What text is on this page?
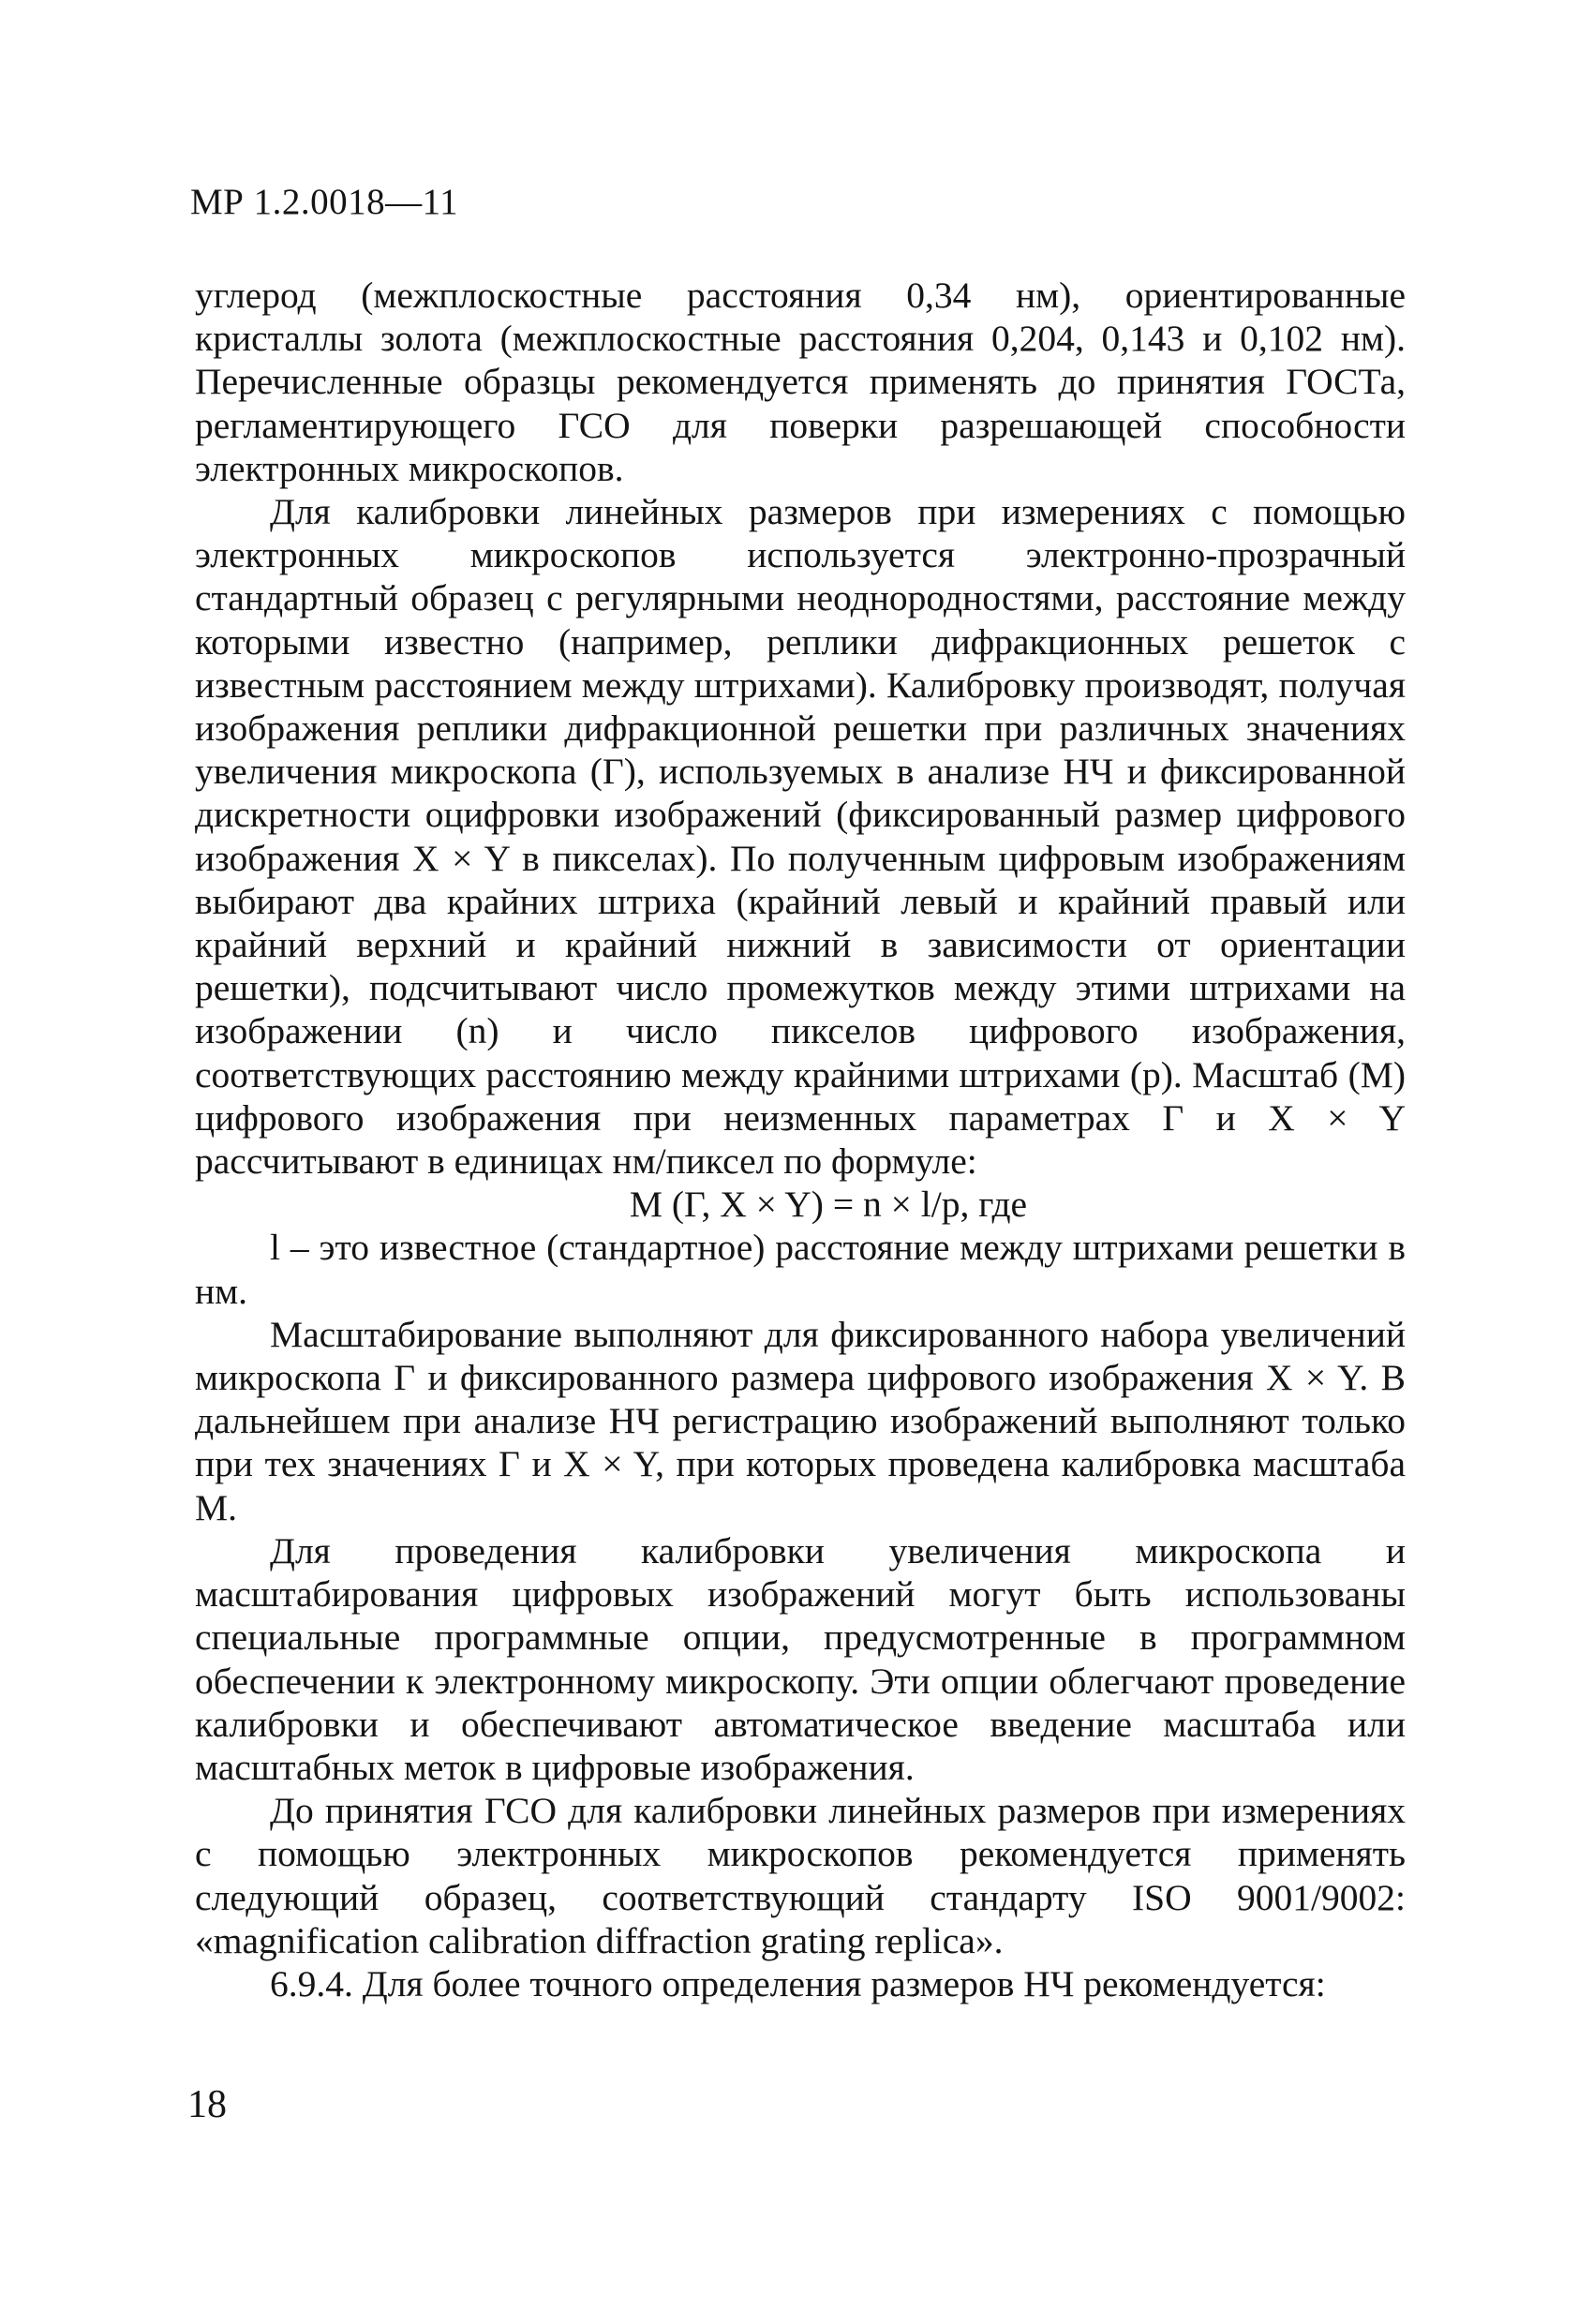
МР 1.2.0018—11

углерод (межплоскостные расстояния 0,34 нм), ориентированные кристаллы золота (межплоскостные расстояния 0,204, 0,143 и 0,102 нм). Перечисленные образцы рекомендуется применять до принятия ГОСТа, регламентирующего ГСО для поверки разрешающей способности электронных микроскопов.

Для калибровки линейных размеров при измерениях с помощью электронных микроскопов используется электронно-прозрачный стандартный образец с регулярными неоднородностями, расстояние между которыми известно (например, реплики дифракционных решеток с известным расстоянием между штрихами). Калибровку производят, получая изображения реплики дифракционной решетки при различных значениях увеличения микроскопа (Г), используемых в анализе НЧ и фиксированной дискретности оцифровки изображений (фиксированный размер цифрового изображения X × Y в пикселах). По полученным цифровым изображениям выбирают два крайних штриха (крайний левый и крайний правый или крайний верхний и крайний нижний в зависимости от ориентации решетки), подсчитывают число промежутков между этими штрихами на изображении (n) и число пикселов цифрового изображения, соответствующих расстоянию между крайними штрихами (p). Масштаб (М) цифрового изображения при неизменных параметрах Г и X × Y рассчитывают в единицах нм/пиксел по формуле:

M (Г, X × Y) = n × l/p, где

l – это известное (стандартное) расстояние между штрихами решетки в нм.

Масштабирование выполняют для фиксированного набора увеличений микроскопа Г и фиксированного размера цифрового изображения X × Y. В дальнейшем при анализе НЧ регистрацию изображений выполняют только при тех значениях Г и X × Y, при которых проведена калибровка масштаба М.

Для проведения калибровки увеличения микроскопа и масштабирования цифровых изображений могут быть использованы специальные программные опции, предусмотренные в программном обеспечении к электронному микроскопу. Эти опции облегчают проведение калибровки и обеспечивают автоматическое введение масштаба или масштабных меток в цифровые изображения.

До принятия ГСО для калибровки линейных размеров при измерениях с помощью электронных микроскопов рекомендуется применять следующий образец, соответствующий стандарту ISO 9001/9002: «magnification calibration diffraction grating replica».

6.9.4. Для более точного определения размеров НЧ рекомендуется:

18
